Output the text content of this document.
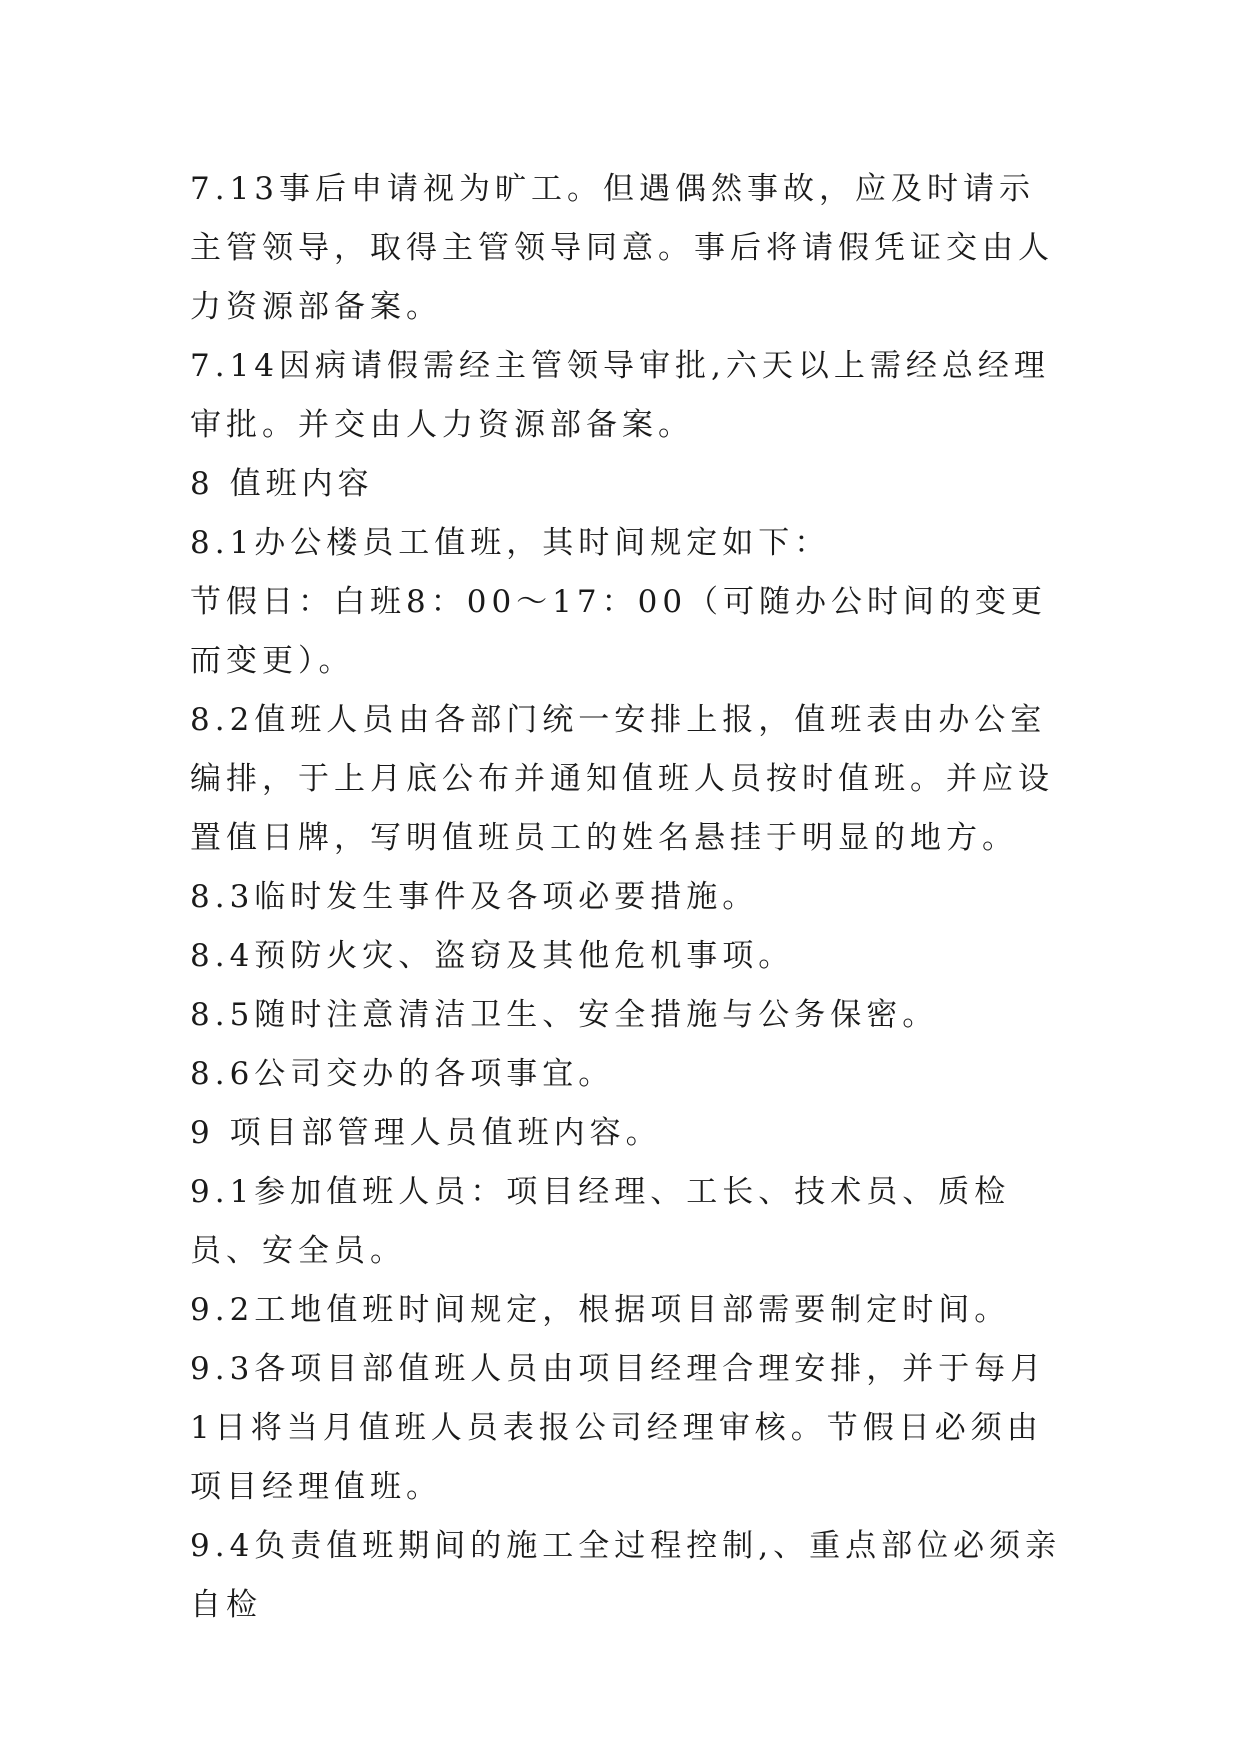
7.13事后申请视为旷工。但遇偶然事故，应及时请示主管领导，取得主管领导同意。事后将请假凭证交由人力资源部备案。

7.14因病请假需经主管领导审批,六天以上需经总经理审批。并交由人力资源部备案。

8 值班内容

8.1办公楼员工值班，其时间规定如下：

节假日：白班8：00～17：00（可随办公时间的变更而变更）。

8.2值班人员由各部门统一安排上报，值班表由办公室编排，于上月底公布并通知值班人员按时值班。并应设置值日牌，写明值班员工的姓名悬挂于明显的地方。

8.3临时发生事件及各项必要措施。

8.4预防火灾、盗窃及其他危机事项。

8.5随时注意清洁卫生、安全措施与公务保密。

8.6公司交办的各项事宜。

9 项目部管理人员值班内容。

9.1参加值班人员：项目经理、工长、技术员、质检员、安全员。

9.2工地值班时间规定，根据项目部需要制定时间。

9.3各项目部值班人员由项目经理合理安排，并于每月1日将当月值班人员表报公司经理审核。节假日必须由项目经理值班。

9.4负责值班期间的施工全过程控制,、重点部位必须亲自检
